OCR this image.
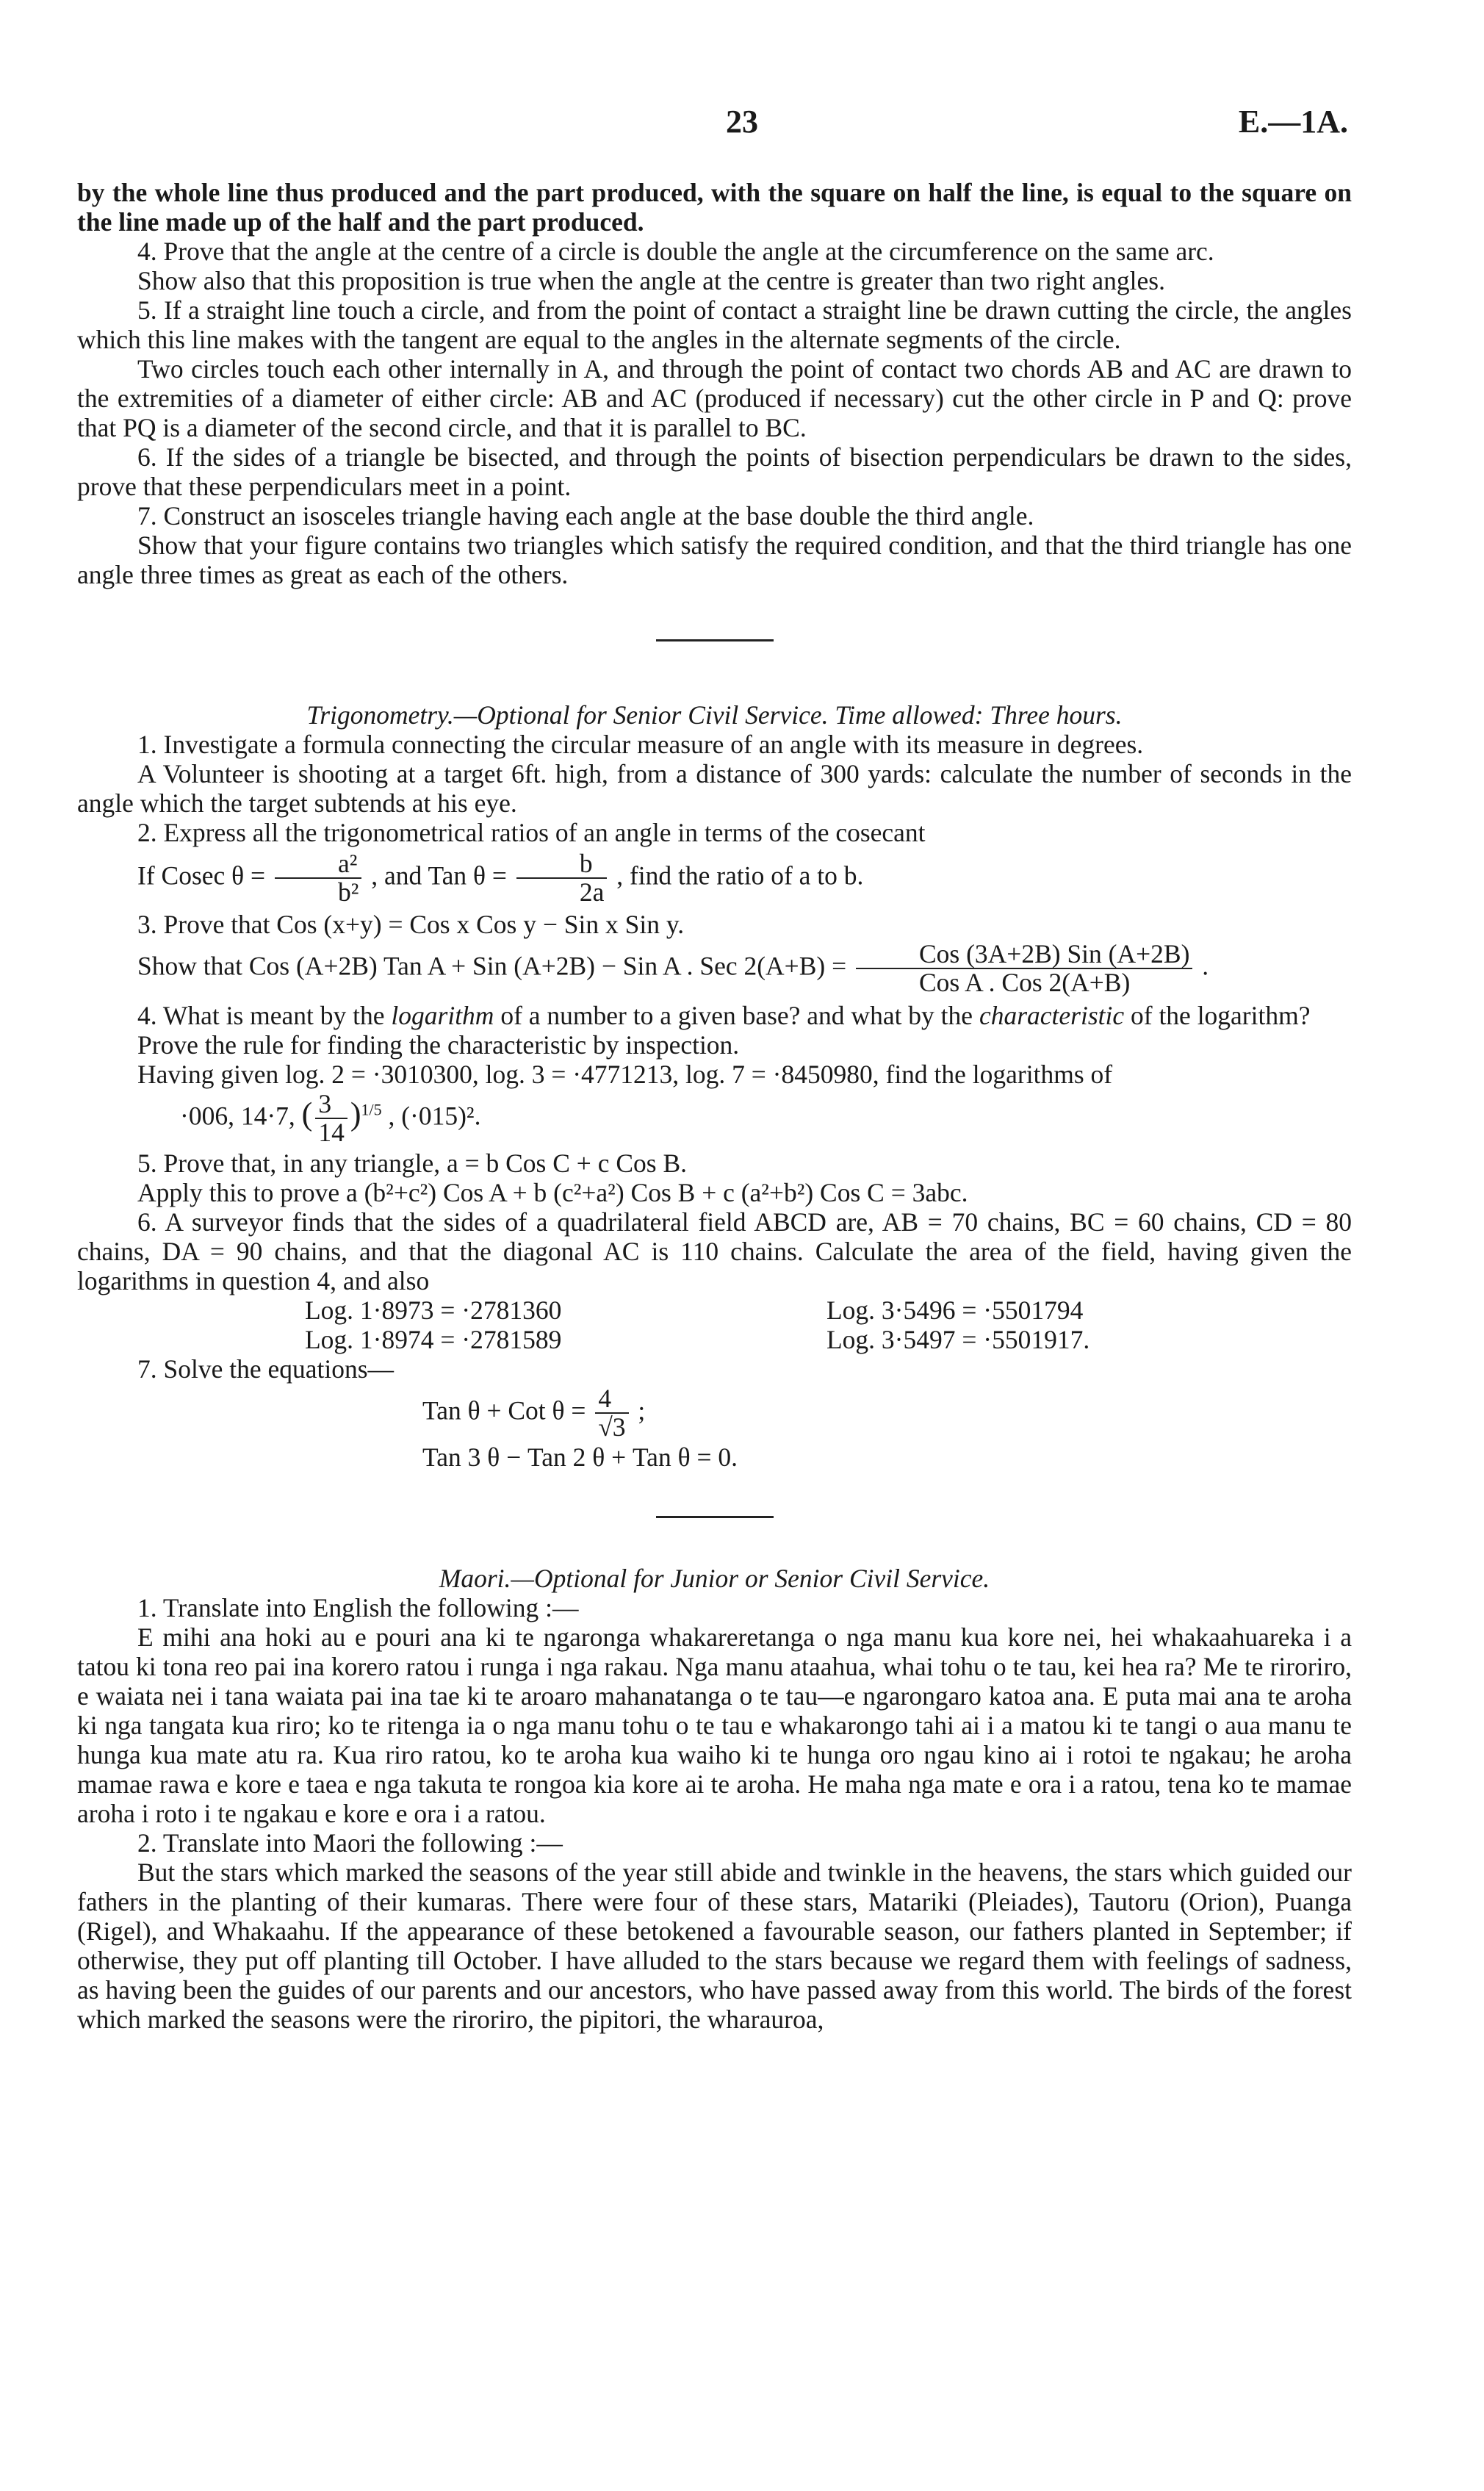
23	E.—1A.

by the whole line thus produced and the part produced, with the square on half the line, is equal to the square on the line made up of the half and the part produced.

4. Prove that the angle at the centre of a circle is double the angle at the circumference on the same arc.

Show also that this proposition is true when the angle at the centre is greater than two right angles.

5. If a straight line touch a circle, and from the point of contact a straight line be drawn cutting the circle, the angles which this line makes with the tangent are equal to the angles in the alternate segments of the circle.

Two circles touch each other internally in A, and through the point of contact two chords AB and AC are drawn to the extremities of a diameter of either circle: AB and AC (produced if necessary) cut the other circle in P and Q: prove that PQ is a diameter of the second circle, and that it is parallel to BC.

6. If the sides of a triangle be bisected, and through the points of bisection perpendiculars be drawn to the sides, prove that these perpendiculars meet in a point.

7. Construct an isosceles triangle having each angle at the base double the third angle.

Show that your figure contains two triangles which satisfy the required condition, and that the third triangle has one angle three times as great as each of the others.

Trigonometry.—Optional for Senior Civil Service. Time allowed: Three hours.

1. Investigate a formula connecting the circular measure of an angle with its measure in degrees.

A Volunteer is shooting at a target 6ft. high, from a distance of 300 yards: calculate the number of seconds in the angle which the target subtends at his eye.

2. Express all the trigonometrical ratios of an angle in terms of the cosecant

If Cosec $\theta = \frac{\text{a²}}{\text{b²}}$ , and Tan $\theta = \frac{b}{2a}$ , find the ratio of a to b.

3. Prove that Cos (x+y) = Cos x Cos y − Sin x Sin y.

Show that Cos (A+2B) Tan A + Sin (A+2B) − Sin A . Sec $2(A+B) = \frac{\text{Cos (3A+2B) Sin (A+2B)}}{\text{Cos A . Cos 2(A+B)}}$ .

4. What is meant by the logarithm of a number to a given base? and what by the characteristic of the logarithm?

Prove the rule for finding the characteristic by inspection.

Having given log. 2 = ·3010300, log. 3 = ·4771213, log. 7 = ·8450980, find the logarithms of

·006, 14·7, ( $\frac{3}{14} )^{1/5}$ , (·015)².

5. Prove that, in any triangle, a = b Cos C + c Cos B.

Apply this to prove a (b²+c²) Cos A + b (c²+a²) Cos B + c (a²+b²) Cos C = 3abc.

6. A surveyor finds that the sides of a quadrilateral field ABCD are, AB = 70 chains, BC = 60 chains, CD = 80 chains, DA = 90 chains, and that the diagonal AC is 110 chains. Calculate the area of the field, having given the logarithms in question 4, and also

Log. 1·8973 = ·2781360	Log. 3·5496 = ·5501794
Log. 1·8974 = ·2781589	Log. 3·5497 = ·5501917.

7. Solve the equations—

Tan θ + Cot $\theta = \frac{4}{√3}$ ;

Tan 3 θ − Tan 2 θ + Tan θ = 0.

Maori.—Optional for Junior or Senior Civil Service.

1. Translate into English the following :—

E mihi ana hoki au e pouri ana ki te ngaronga whakareretanga o nga manu kua kore nei, hei whakaahuareka i a tatou ki tona reo pai ina korero ratou i runga i nga rakau. Nga manu ataahua, whai tohu o te tau, kei hea ra? Me te riroriro, e waiata nei i tana waiata pai ina tae ki te aroaro mahanatanga o te tau—e ngarongaro katoa ana. E puta mai ana te aroha ki nga tangata kua riro; ko te ritenga ia o nga manu tohu o te tau e whakarongo tahi ai i a matou ki te tangi o aua manu te hunga kua mate atu ra. Kua riro ratou, ko te aroha kua waiho ki te hunga oro ngau kino ai i rotoi te ngakau; he aroha mamae rawa e kore e taea e nga takuta te rongoa kia kore ai te aroha. He maha nga mate e ora i a ratou, tena ko te mamae aroha i roto i te ngakau e kore e ora i a ratou.

2. Translate into Maori the following :—

But the stars which marked the seasons of the year still abide and twinkle in the heavens, the stars which guided our fathers in the planting of their kumaras. There were four of these stars, Matariki (Pleiades), Tautoru (Orion), Puanga (Rigel), and Whakaahu. If the appearance of these betokened a favourable season, our fathers planted in September; if otherwise, they put off planting till October. I have alluded to the stars because we regard them with feelings of sadness, as having been the guides of our parents and our ancestors, who have passed away from this world. The birds of the forest which marked the seasons were the riroriro, the pipitori, the wharauroa,
